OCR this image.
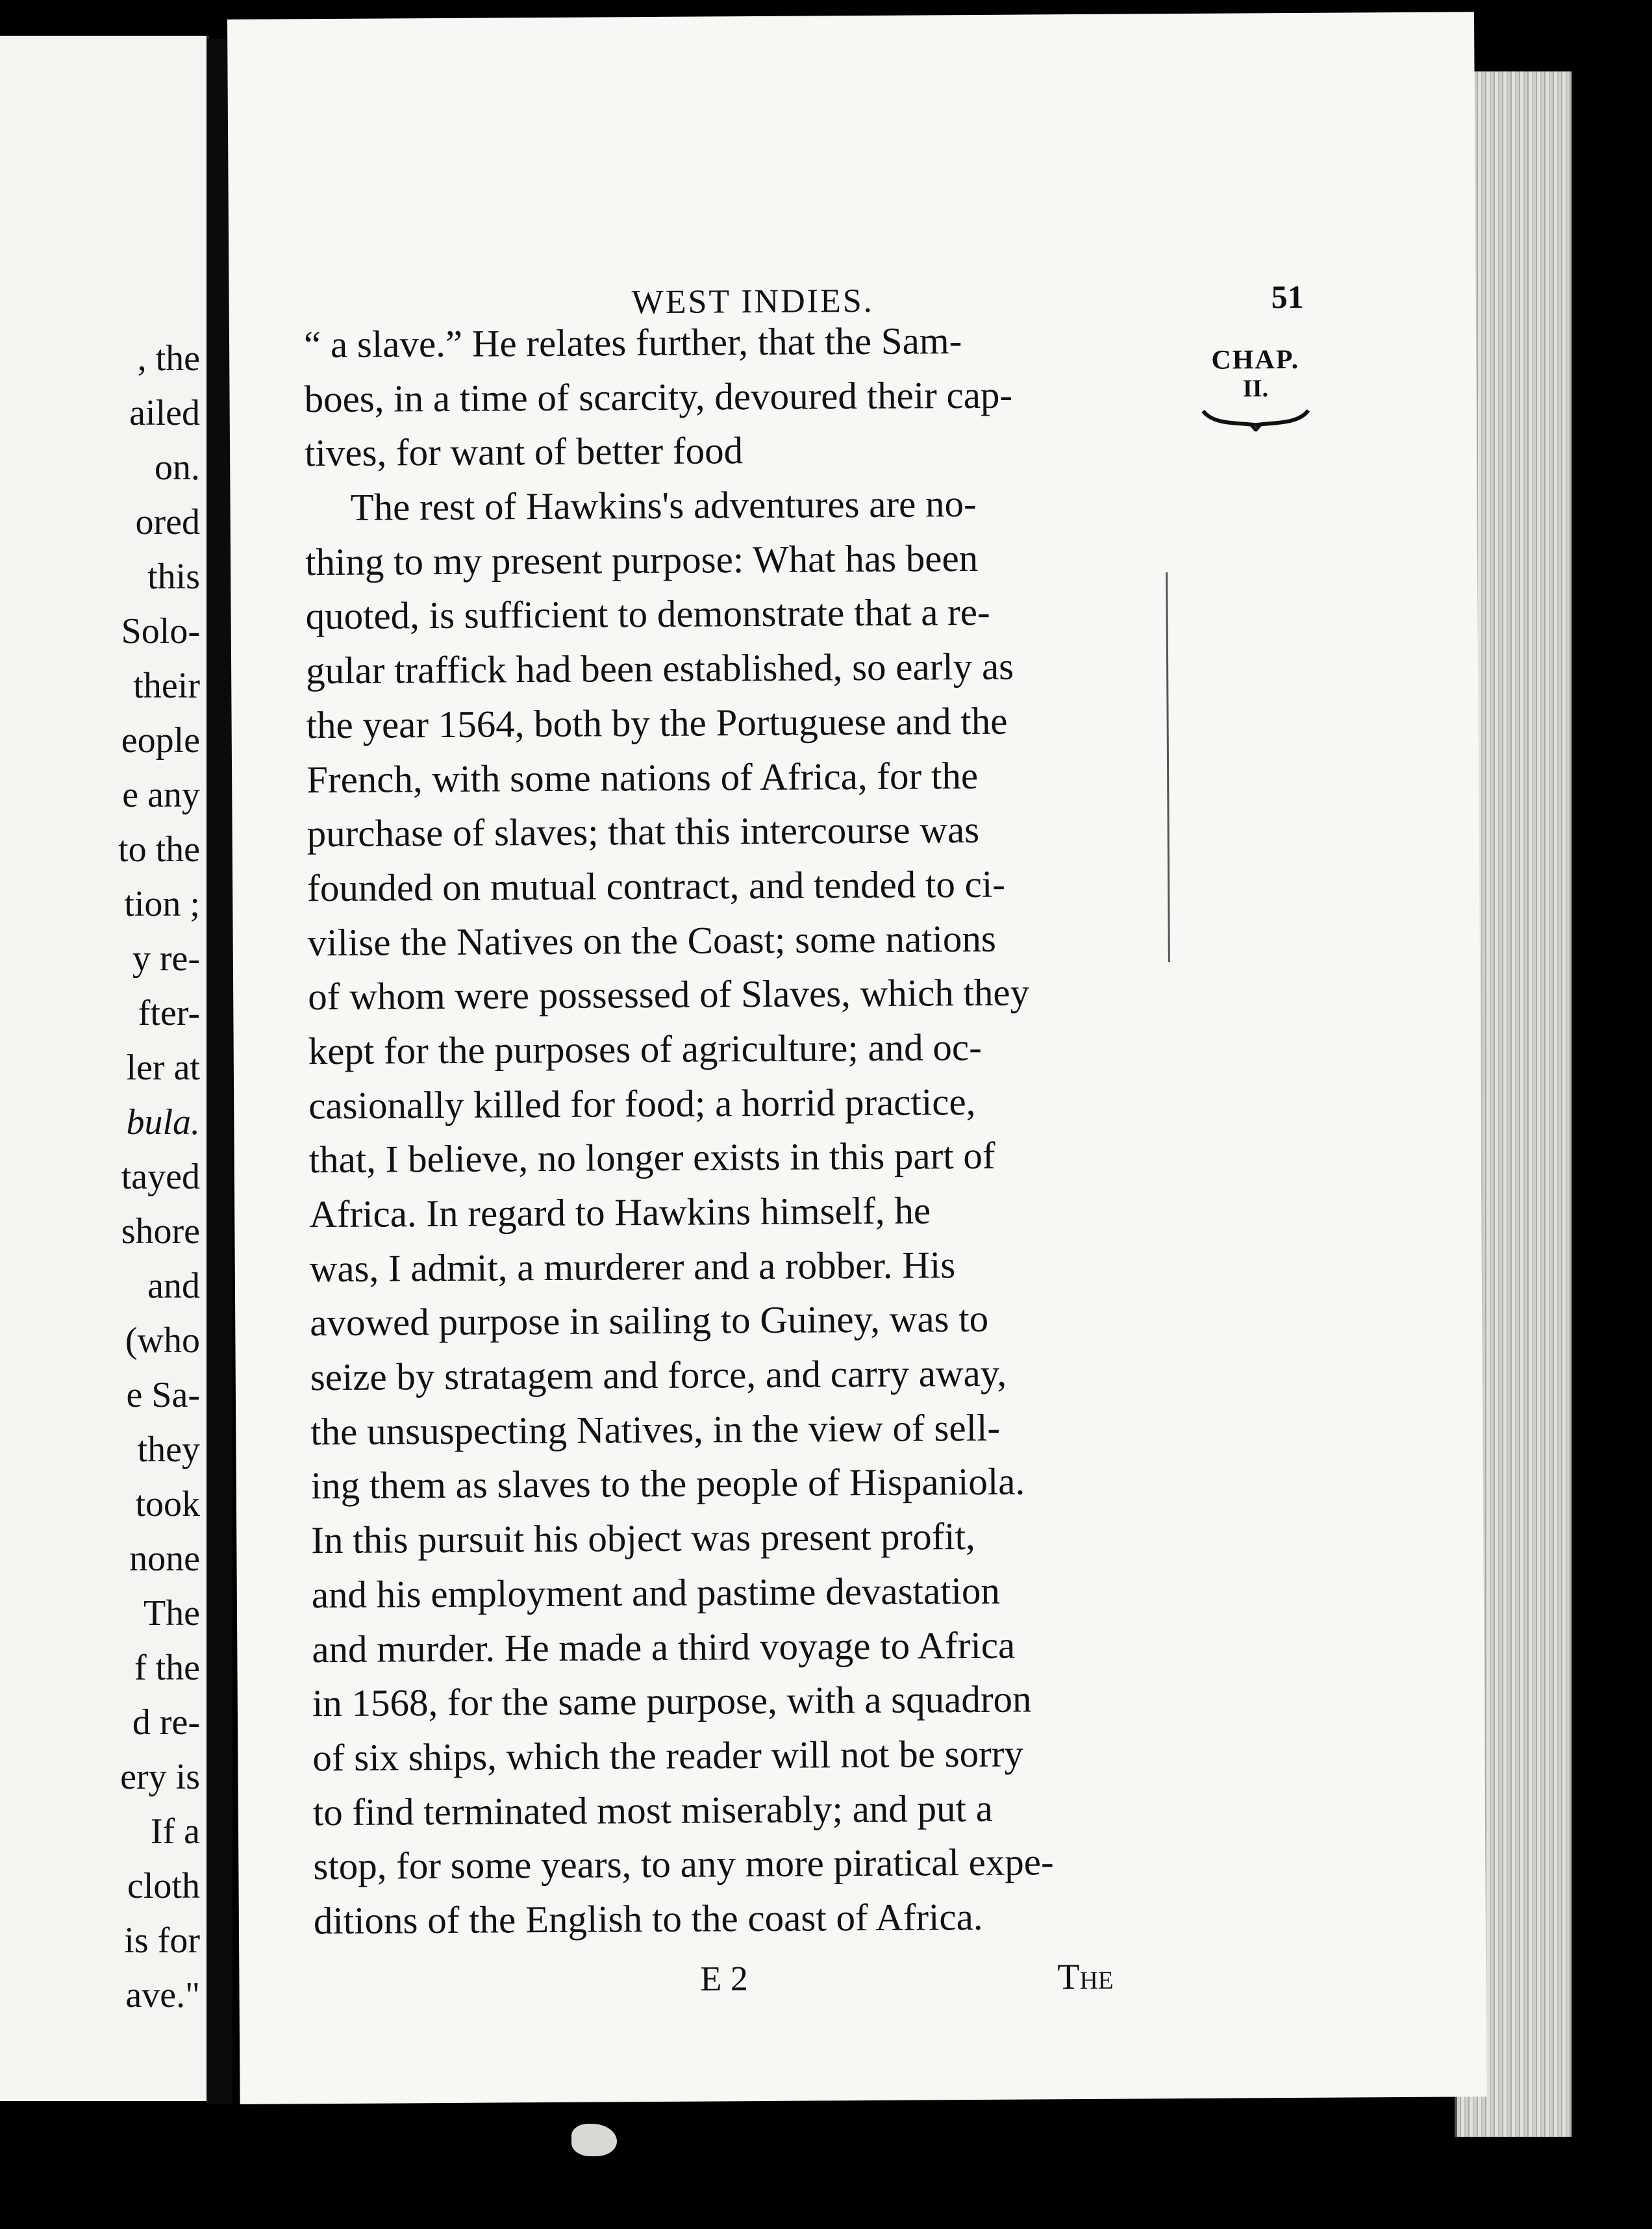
, the
ailed
on.
ored
this
Solo-
their
eople
e any
to the
tion ;
y re-
fter-
ler at
bula.
tayed
shore
and
(who
e Sa-
they
took
none
The
f the
d re-
ery is
If a
cloth
is for
ave."
WEST INDIES.	51
CHAP.
II.
“ a slave.” He relates further, that the Sam-
boes, in a time of scarcity, devoured their cap-
tives, for want of better food
The rest of Hawkins's adventures are no-
thing to my present purpose: What has been
quoted, is sufficient to demonstrate that a re-
gular traffick had been established, so early as
the year 1564, both by the Portuguese and the
French, with some nations of Africa, for the
purchase of slaves; that this intercourse was
founded on mutual contract, and tended to ci-
vilise the Natives on the Coast; some nations
of whom were possessed of Slaves, which they
kept for the purposes of agriculture; and oc-
casionally killed for food; a horrid practice,
that, I believe, no longer exists in this part of
Africa. In regard to Hawkins himself, he
was, I admit, a murderer and a robber. His
avowed purpose in sailing to Guiney, was to
seize by stratagem and force, and carry away,
the unsuspecting Natives, in the view of sell-
ing them as slaves to the people of Hispaniola.
In this pursuit his object was present profit,
and his employment and pastime devastation
and murder. He made a third voyage to Africa
in 1568, for the same purpose, with a squadron
of six ships, which the reader will not be sorry
to find terminated most miserably; and put a
stop, for some years, to any more piratical expe-
ditions of the English to the coast of Africa.
E 2	The
